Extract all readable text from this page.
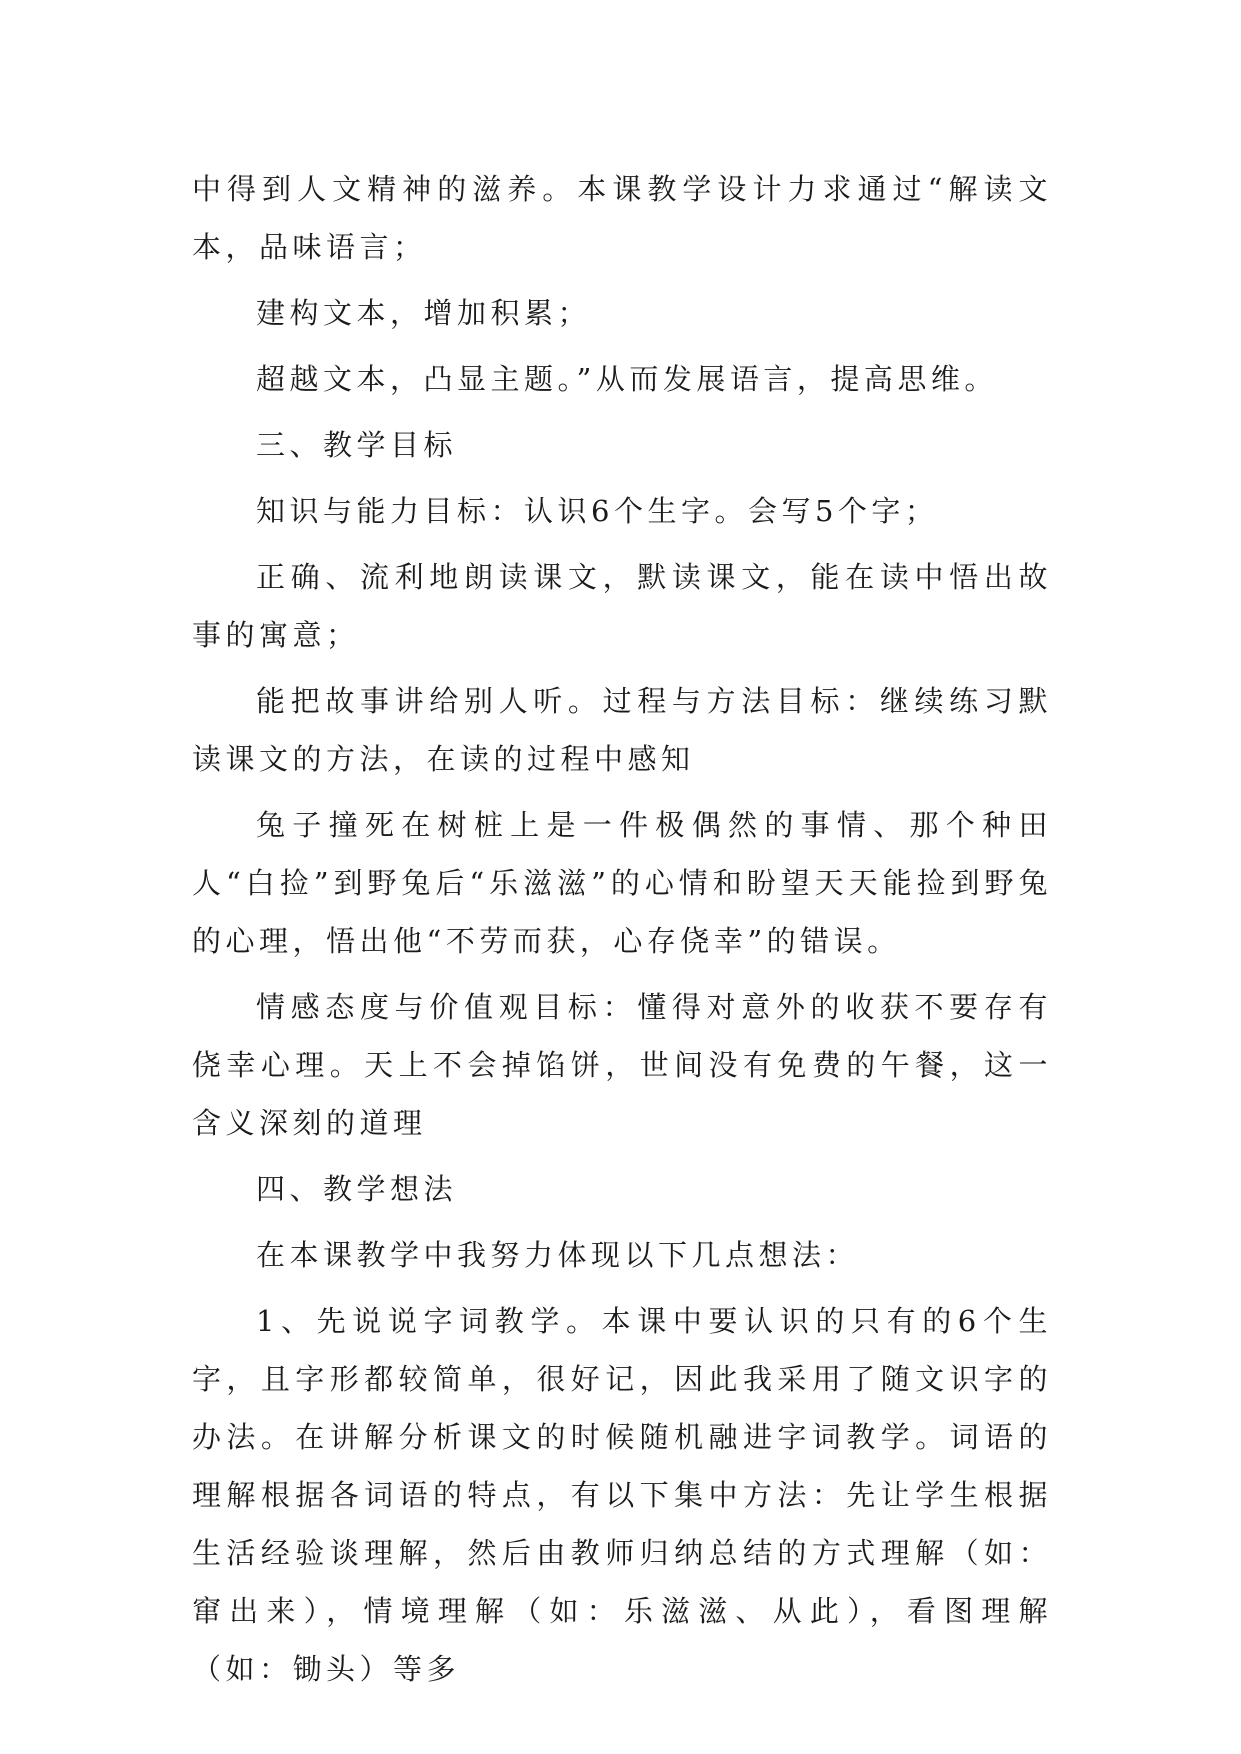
中得到人文精神的滋养。本课教学设计力求通过“解读文本，品味语言；

建构文本，增加积累；

超越文本，凸显主题。”从而发展语言，提高思维。

三、教学目标

知识与能力目标：认识6个生字。会写5个字；

正确、流利地朗读课文，默读课文，能在读中悟出故事的寓意；

能把故事讲给别人听。过程与方法目标：继续练习默读课文的方法，在读的过程中感知

兔子撞死在树桩上是一件极偶然的事情、那个种田人“白捡”到野兔后“乐滋滋”的心情和盼望天天能捡到野兔的心理，悟出他“不劳而获，心存侥幸”的错误。

情感态度与价值观目标：懂得对意外的收获不要存有侥幸心理。天上不会掉馅饼，世间没有免费的午餐，这一含义深刻的道理

四、教学想法

在本课教学中我努力体现以下几点想法：

1、先说说字词教学。本课中要认识的只有的6个生字，且字形都较简单，很好记，因此我采用了随文识字的办法。在讲解分析课文的时候随机融进字词教学。词语的理解根据各词语的特点，有以下集中方法：先让学生根据生活经验谈理解，然后由教师归纳总结的方式理解（如：窜出来），情境理解（如：乐滋滋、从此），看图理解（如：锄头）等多
